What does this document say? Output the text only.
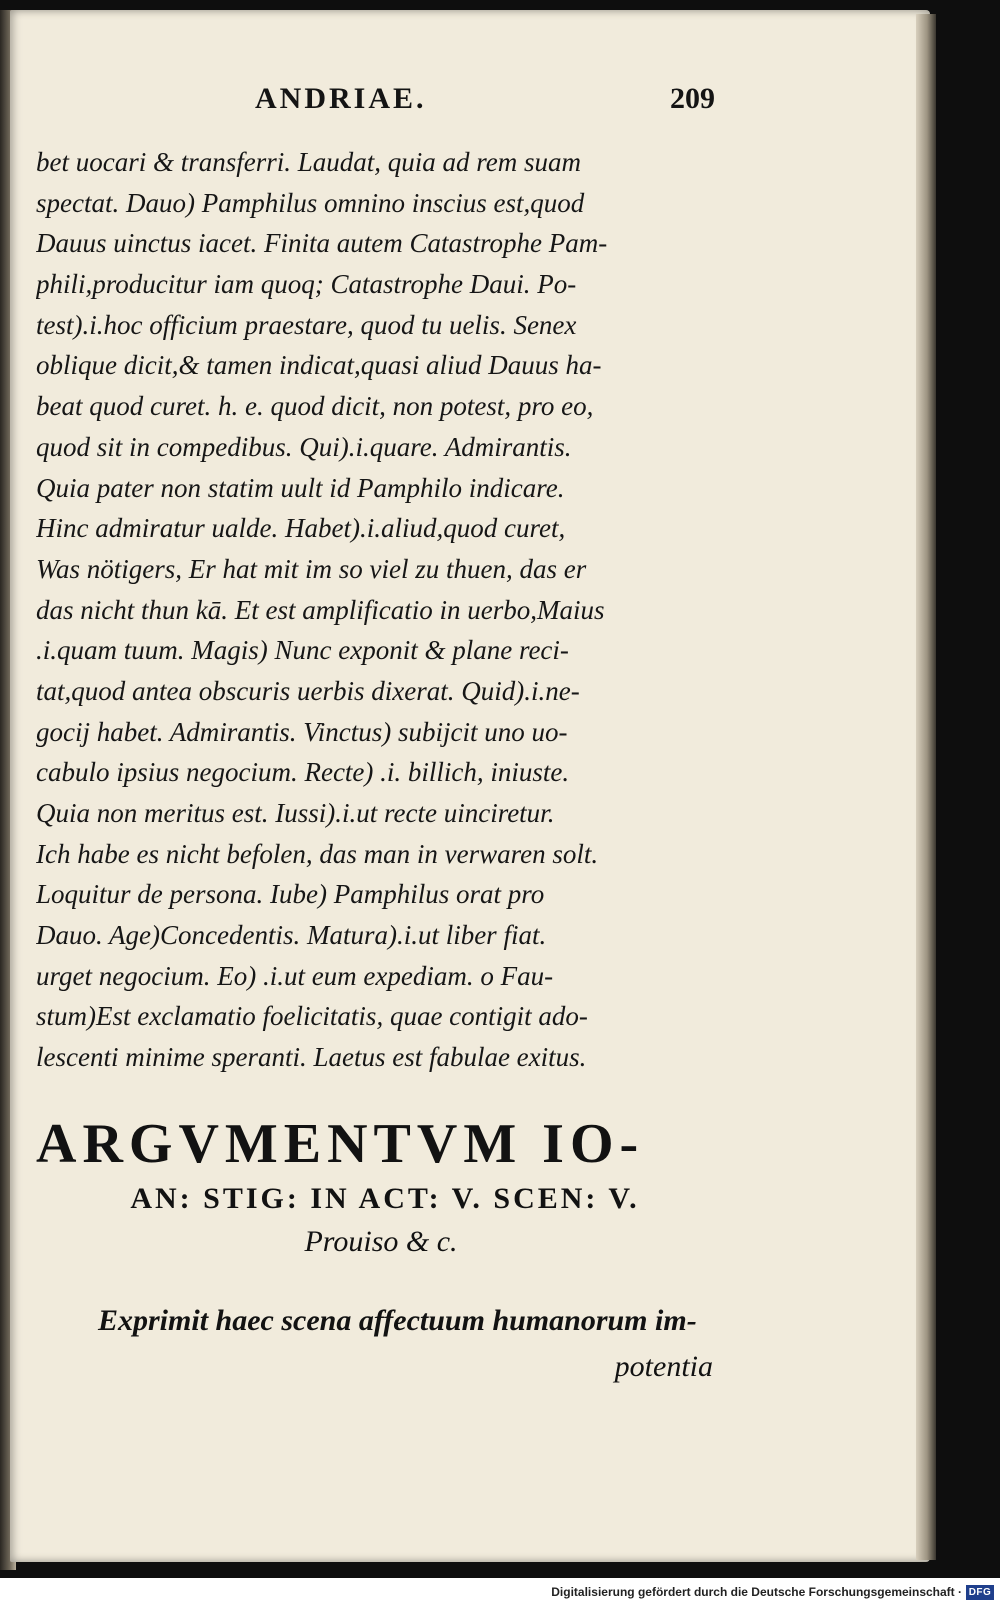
ANDRIAE.	209
bet uocari & transferri. Laudat, quia ad rem suam
spectat. Dauo) Pamphilus omnino inscius est,quod
Dauus uinctus iacet. Finita autem Catastrophe Pam-
phili,producitur iam quoq; Catastrophe Daui. Po-
test).i.hoc officium praestare, quod tu uelis. Senex
oblique dicit,& tamen indicat,quasi aliud Dauus ha-
beat quod curet. h. e. quod dicit, non potest, pro eo,
quod sit in compedibus. Qui).i.quare. Admirantis.
Quia pater non statim uult id Pamphilo indicare.
Hinc admiratur ualde. Habet).i.aliud,quod curet,
Was nötigers, Er hat mit im so viel zu thuen, das er
das nicht thun kā. Et est amplificatio in uerbo,Maius
.i.quam tuum. Magis) Nunc exponit & plane reci-
tat,quod antea obscuris uerbis dixerat. Quid).i.ne-
gocij habet. Admirantis. Vinctus) subijcit uno uo-
cabulo ipsius negocium. Recte) .i. billich, iniuste.
Quia non meritus est. Iussi).i.ut recte uinciretur.
Ich habe es nicht befolen, das man in verwaren solt.
Loquitur de persona. Iube) Pamphilus orat pro
Dauo. Age)Concedentis. Matura).i.ut liber fiat.
urget negocium. Eo) .i.ut eum expediam. o Fau-
stum)Est exclamatio foelicitatis, quae contigit ado-
lescenti minime speranti. Laetus est fabulae exitus.
ARGVMENTVM IO-
AN: STIG: IN ACT: V. SCEN: V.
Prouiso & c.
Exprimit haec scena affectuum humanorum im-
potentia
Digitalisierung gefördert durch die Deutsche Forschungsgemeinschaft · DFG
